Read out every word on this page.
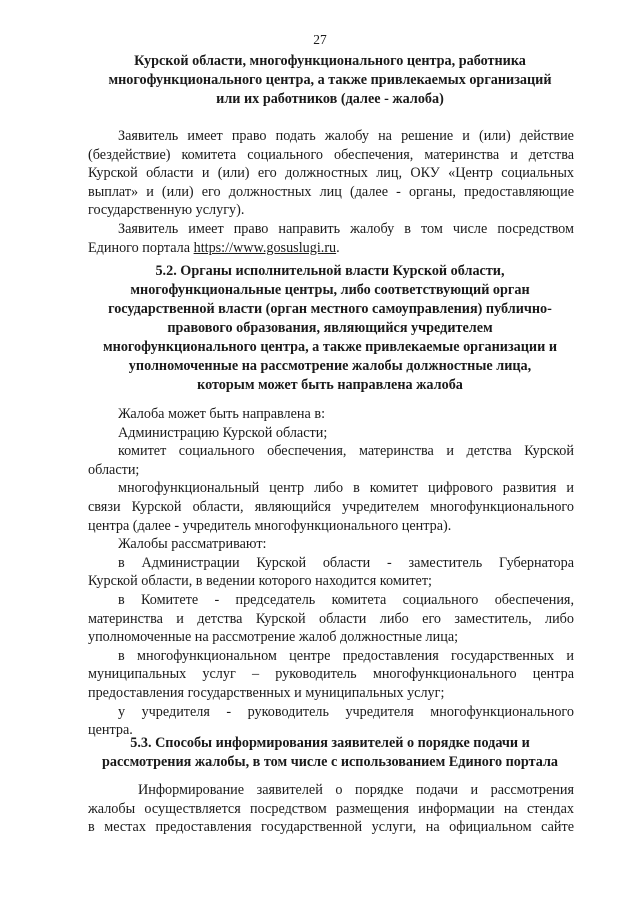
27
Курской области, многофункционального центра, работника
многофункционального центра, а также привлекаемых организаций
или их работников (далее - жалоба)
Заявитель имеет право подать жалобу на решение и (или) действие
(бездействие) комитета социального обеспечения, материнства и детства
Курской области и (или) его должностных лиц, ОКУ «Центр социальных
выплат» и (или) его должностных лиц (далее - органы, предоставляющие
государственную услугу).
Заявитель имеет право направить жалобу в том числе посредством
Единого портала https://www.gosuslugi.ru.
5.2. Органы исполнительной власти Курской области,
многофункциональные центры, либо соответствующий орган
государственной власти (орган местного самоуправления) публично-
правового образования, являющийся учредителем
многофункционального центра, а также привлекаемые организации и
уполномоченные на рассмотрение жалобы должностные лица,
которым может быть направлена жалоба
Жалоба может быть направлена в:
Администрацию Курской области;
комитет социального обеспечения, материнства и детства Курской
области;
многофункциональный центр либо в комитет цифрового развития и
связи Курской области, являющийся учредителем многофункционального
центра (далее - учредитель многофункционального центра).
Жалобы рассматривают:
в Администрации Курской области - заместитель Губернатора
Курской области, в ведении которого находится комитет;
в Комитете - председатель комитета социального обеспечения,
материнства и детства Курской области либо его заместитель, либо
уполномоченные на рассмотрение жалоб должностные лица;
в многофункциональном центре предоставления государственных и
муниципальных услуг – руководитель многофункционального центра
предоставления государственных и муниципальных услуг;
у учредителя - руководитель учредителя многофункционального
центра.
5.3. Способы информирования заявителей о порядке подачи и
рассмотрения жалобы, в том числе с использованием Единого портала
Информирование заявителей о порядке подачи и рассмотрения
жалобы осуществляется посредством размещения информации на стендах
в местах предоставления государственной услуги, на официальном сайте
